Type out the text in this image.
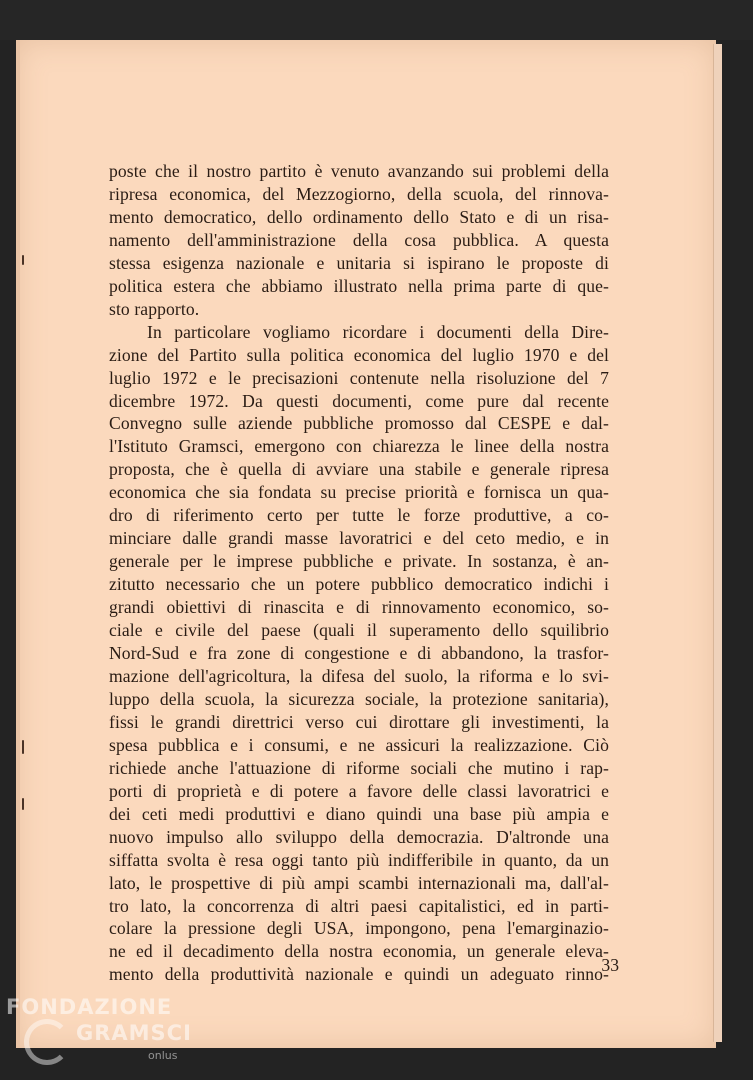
poste che il nostro partito è venuto avanzando sui problemi della
ripresa economica, del Mezzogiorno, della scuola, del rinnova-
mento democratico, dello ordinamento dello Stato e di un risa-
namento dell'amministrazione della cosa pubblica. A questa
stessa esigenza nazionale e unitaria si ispirano le proposte di
politica estera che abbiamo illustrato nella prima parte di que-
sto rapporto.

In particolare vogliamo ricordare i documenti della Dire-
zione del Partito sulla politica economica del luglio 1970 e del
luglio 1972 e le precisazioni contenute nella risoluzione del 7
dicembre 1972. Da questi documenti, come pure dal recente
Convegno sulle aziende pubbliche promosso dal CESPE e dal-
l'Istituto Gramsci, emergono con chiarezza le linee della nostra
proposta, che è quella di avviare una stabile e generale ripresa
economica che sia fondata su precise priorità e fornisca un qua-
dro di riferimento certo per tutte le forze produttive, a co-
minciare dalle grandi masse lavoratrici e del ceto medio, e in
generale per le imprese pubbliche e private. In sostanza, è an-
zitutto necessario che un potere pubblico democratico indichi i
grandi obiettivi di rinascita e di rinnovamento economico, so-
ciale e civile del paese (quali il superamento dello squilibrio
Nord-Sud e fra zone di congestione e di abbandono, la trasfor-
mazione dell'agricoltura, la difesa del suolo, la riforma e lo svi-
luppo della scuola, la sicurezza sociale, la protezione sanitaria),
fissi le grandi direttrici verso cui dirottare gli investimenti, la
spesa pubblica e i consumi, e ne assicuri la realizzazione. Ciò
richiede anche l'attuazione di riforme sociali che mutino i rap-
porti di proprietà e di potere a favore delle classi lavoratrici e
dei ceti medi produttivi e diano quindi una base più ampia e
nuovo impulso allo sviluppo della democrazia. D'altronde una
siffatta svolta è resa oggi tanto più indifferibile in quanto, da un
lato, le prospettive di più ampi scambi internazionali ma, dall'al-
tro lato, la concorrenza di altri paesi capitalistici, ed in parti-
colare la pressione degli USA, impongono, pena l'emarginazio-
ne ed il decadimento della nostra economia, un generale eleva-
mento della produttività nazionale e quindi un adeguato rinno-

33
FONDAZIONE
GRAMSCI
onlus
